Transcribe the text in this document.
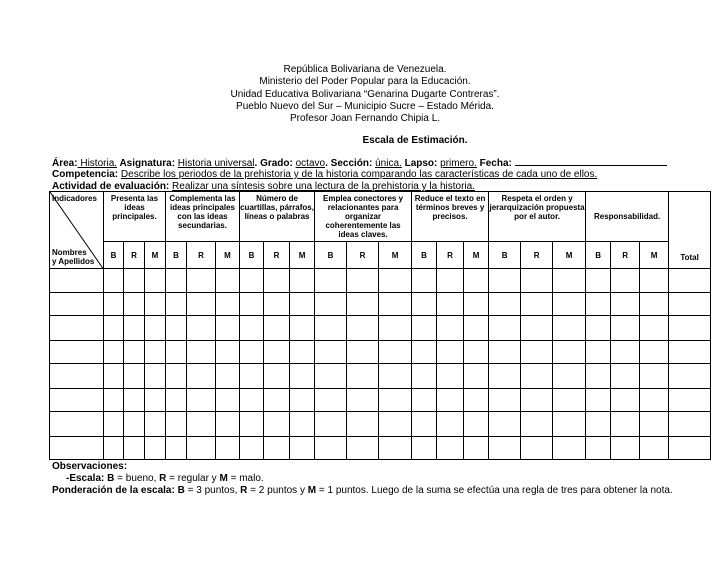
República Bolivariana de Venezuela.
Ministerio del Poder Popular para la Educación.
Unidad Educativa Bolivariana “Genarina Dugarte Contreras”.
Pueblo Nuevo del Sur – Municipio Sucre – Estado Mérida.
Profesor Joan Fernando Chipia L.
Escala de Estimación.
Área: Historia. Asignatura: Historia universal. Grado: octavo. Sección: única. Lapso: primero. Fecha:
Competencia: Describe los periodos de la prehistoria y de la historia comparando las características de cada uno de ellos.
Actividad de evaluación: Realizar una síntesis sobre una lectura de la prehistoria y la historia.
Indicadores
Nombres
y Apellidos	Presenta las ideas principales.			Complementa las ideas principales con las ideas secundarias.			Número de cuartillas, párrafos, líneas o palabras			Emplea conectores y relacionantes para organizar coherentemente las ideas claves.			Reduce el texto en términos breves y precisos.			Respeta el orden y jerarquización propuesta por el autor.			Responsabilidad.			Total
	B	R	M	B	R	M	B	R	M	B	R	M	B	R	M	B	R	M	B	R	M	

Observaciones:
-Escala: B = bueno, R = regular y M = malo.
Ponderación de la escala: B = 3 puntos, R = 2 puntos y M = 1 puntos. Luego de la suma se efectúa una regla de tres para obtener la nota.
